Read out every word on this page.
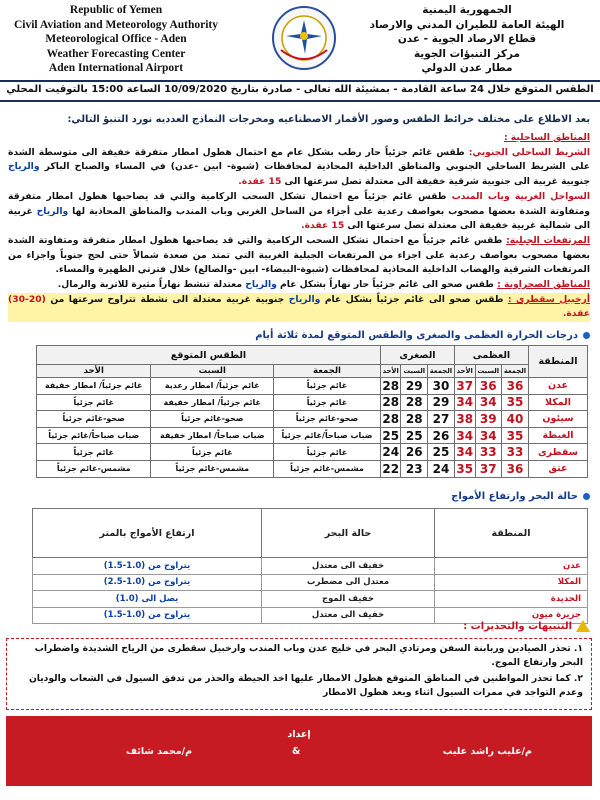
Republic of Yemen
Civil Aviation and Meteorology Authority
Meteorological Office - Aden
Weather Forecasting Center
Aden International Airport
الجمهورية اليمنية
الهيئة العامة للطيران المدني والارصاد
قطاع الارصاد الجوية - عدن
مركز التنبؤات الجوية
مطار عدن الدولي
الطقس المتوقع خلال 24 ساعة القادمة - بمشيئة الله تعالى - صادرة بتاريخ 10/09/2020 الساعة 15:00 بالتوقيت المحلي
بعد الاطلاع على مختلف خرائط الطقس وصور الأقمار الاصطناعيه ومخرجات النماذج العدديه نورد التنبؤ التالي:

المناطق الساحلية :

الشريط الساحلي الجنوبي: طقس غائم جزئياً حار رطب بشكل عام مع احتمال هطول امطار متفرقة خفيفة الى متوسطة الشدة على الشريط الساحلي الجنوبي والمناطق الداخلية المحاذية لمحافظات (شبوة- ابين -عدن) في المساء والصباح الباكر والرياح جنوبية غربية الى جنوبية شرقية خفيفة الى معتدلة تصل سرعتها الى 15 عقدة.

السواحل الغربية وباب المندب طقس غائم جزئياً مع احتمال تشكل السحب الركامية والتي قد يصاحبها هطول امطار متفرقة ومتفاوتة الشدة بعضها مصحوب بعواصف رعدية على أجزاء من الساحل الغربي وباب المندب والمناطق المحاذية لها والرياح غربية الى شمالية غربية خفيفة الى معتدلة تصل سرعتها الى 15 عقدة.

المرتفعات الجبلية: طقس غائم جزئياً مع احتمال تشكل السحب الركامية والتي قد يصاحبها هطول امطار متفرقة ومتفاوتة الشدة بعضها مصحوب بعواصف رعدية على اجزاء من المرتفعات الجبلية الغربية التي تمتد من صعدة شمالاً حتى لحج جنوباً واجزاء من المرتفعات الشرقية والهضاب الداخلية المحاذية لمحافظات (شبوة-البيضاء- ابين -والضالع) خلال فترتي الظهيرة والمساء.

المناطق الصحراوية : طقس صحو الى غائم جزئياً حار نهاراً بشكل عام والرياح معتدلة تنشط نهاراً مثيرة للاتربة والرمال.

أرخبيل سقطرى : طقس صحو الى غائم جزئياً بشكل عام والرياح جنوبية غربية معتدلة الى نشطة تتراوح سرعتها من (20-30) عقدة.

درجات الحرارة العظمى والصغرى والطقس المتوقع لمدة ثلاثة أيام
المنطقة	العظمى			الصغرى			الطقس المتوقع		
	الجمعة	السبت	الأحد	الجمعة	السبت	الأحد	الجمعة	السبت	الأحد
عدن	36	36	37	30	29	28	غائم جزئياً	غائم جزئياً/ امطار رعدية	غائم جزئياً/ امطار خفيفة
المكلا	35	34	34	29	28	28	غائم جزئياً	غائم جزئياً/ امطار خفيفة	غائم جزئياً
سيئون	40	39	38	27	28	28	صحو-غائم جزئياً	صحو-غائم جزئياً	صحو-غائم جزئياً
الغيظة	35	34	34	26	25	25	ضباب صباحاً/غائم جزئياً	ضباب صباحاً/ امطار خفيفة	ضباب صباحاً/غائم جزئياً
سقطرى	33	33	34	25	26	24	غائم جزئياً	غائم جزئياً	غائم جزئياً
عتق	36	37	35	24	23	22	مشمس-غائم جزئياً	مشمس-غائم جزئياً	مشمس-غائم جزئياً
حالة البحر وارتفاع الأمواج
المنطقة	حالة البحر	ارتفاع الأمواج بالمتر
عدن	خفيف الى معتدل	يتراوح من (1.0-1.5)
المكلا	معتدل الى مضطرب	يتراوح من (1.0-2.5)
الحديدة	خفيف الموج	يصل الى (1.0)
جزيرة ميون	خفيف الى معتدل	يتراوح من (1.0-1.5)
التنبيهات والتحذيرات :

١. تحذر الصيادين وربابنة السفن ومرتادي البحر في خليج عدن وباب المندب وارخبيل سقطرى من الرياح الشديدة واضطراب البحر وارتفاع الموج.

٢. كما تحذر المواطنين في المناطق المتوقع هطول الامطار عليها اخذ الحيطة والحذر من تدفق السيول في الشعاب والوديان وعدم التواجد في ممرات السيول اثناء وبعد هطول الامطار

إعداد
م/عليب راشد عليب
&
م/محمد شائف
